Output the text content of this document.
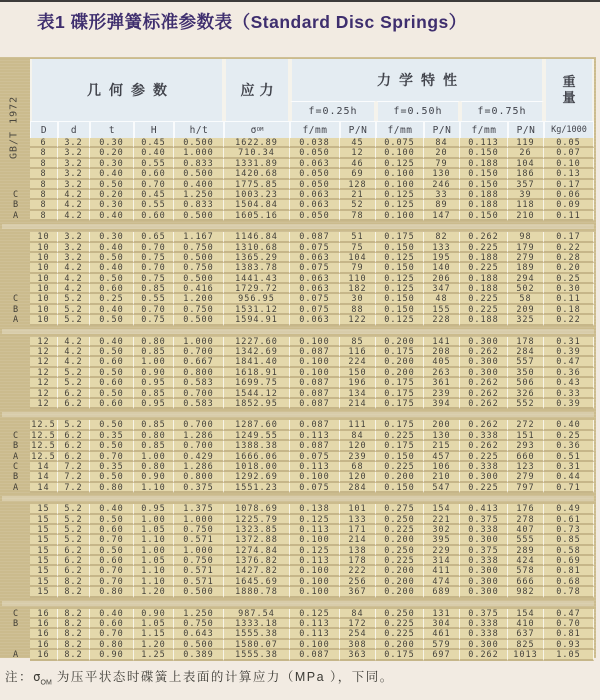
表1 碟形弹簧标准参数表（Standard Disc Springs）
GB/T 1972
几何参数	应力
力学特性	重量
f=0.25h	f=0.50h	f=0.75h
D	d	t	H	h/t	σ OM	f/mm	P/N	f/mm	P/N	f/mm	P/N	Kg/1000
6	3.2	0.30	0.45	0.500	1622.89	0.038	45	0.075	84	0.113	119	0.05
8	3.2	0.20	0.40	1.000	710.34	0.050	12	0.100	20	0.150	26	0.07
8	3.2	0.30	0.55	0.833	1331.89	0.063	46	0.125	79	0.188	104	0.10
8	3.2	0.40	0.60	0.500	1420.68	0.050	69	0.100	130	0.150	186	0.13
8	3.2	0.50	0.70	0.400	1775.85	0.050	128	0.100	246	0.150	357	0.17
C	8	4.2	0.20	0.45	1.250	1003.23	0.063	21	0.125	33	0.188	39	0.06
B	8	4.2	0.30	0.55	0.833	1504.84	0.063	52	0.125	89	0.188	118	0.09
A	8	4.2	0.40	0.60	0.500	1605.16	0.050	78	0.100	147	0.150	210	0.11
10	3.2	0.30	0.65	1.167	1146.84	0.087	51	0.175	82	0.262	98	0.17
10	3.2	0.40	0.70	0.750	1310.68	0.075	75	0.150	133	0.225	179	0.22
10	3.2	0.50	0.75	0.500	1365.29	0.063	104	0.125	195	0.188	279	0.28
10	4.2	0.40	0.70	0.750	1383.78	0.075	79	0.150	140	0.225	189	0.20
10	4.2	0.50	0.75	0.500	1441.43	0.063	110	0.125	206	0.188	294	0.25
10	4.2	0.60	0.85	0.416	1729.72	0.063	182	0.125	347	0.188	502	0.30
C	10	5.2	0.25	0.55	1.200	956.95	0.075	30	0.150	48	0.225	58	0.11
B	10	5.2	0.40	0.70	0.750	1531.12	0.075	88	0.150	155	0.225	209	0.18
A	10	5.2	0.50	0.75	0.500	1594.91	0.063	122	0.125	228	0.188	325	0.22
12	4.2	0.40	0.80	1.000	1227.60	0.100	85	0.200	141	0.300	178	0.31
12	4.2	0.50	0.85	0.700	1342.69	0.087	116	0.175	208	0.262	284	0.39
12	4.2	0.60	1.00	0.667	1841.40	0.100	224	0.200	405	0.300	557	0.47
12	5.2	0.50	0.90	0.800	1618.91	0.100	150	0.200	263	0.300	350	0.36
12	5.2	0.60	0.95	0.583	1699.75	0.087	196	0.175	361	0.262	506	0.43
12	6.2	0.50	0.85	0.700	1544.12	0.087	134	0.175	239	0.262	326	0.33
12	6.2	0.60	0.95	0.583	1852.95	0.087	214	0.175	394	0.262	552	0.39
12.5	5.2	0.50	0.85	0.700	1287.60	0.087	111	0.175	200	0.262	272	0.40
C	12.5	6.2	0.35	0.80	1.286	1249.55	0.113	84	0.225	130	0.338	151	0.25
B	12.5	6.2	0.50	0.85	0.700	1388.38	0.087	120	0.175	215	0.262	293	0.36
A	12.5	6.2	0.70	1.00	0.429	1666.06	0.075	239	0.150	457	0.225	660	0.51
C	14	7.2	0.35	0.80	1.286	1018.00	0.113	68	0.225	106	0.338	123	0.31
B	14	7.2	0.50	0.90	0.800	1292.69	0.100	120	0.200	210	0.300	279	0.44
A	14	7.2	0.80	1.10	0.375	1551.23	0.075	284	0.150	547	0.225	797	0.71
15	5.2	0.40	0.95	1.375	1078.69	0.138	101	0.275	154	0.413	176	0.49
15	5.2	0.50	1.00	1.000	1225.79	0.125	133	0.250	221	0.375	278	0.61
15	5.2	0.60	1.05	0.750	1323.85	0.113	171	0.225	302	0.338	407	0.73
15	5.2	0.70	1.10	0.571	1372.88	0.100	214	0.200	395	0.300	555	0.85
15	6.2	0.50	1.00	1.000	1274.84	0.125	138	0.250	229	0.375	289	0.58
15	6.2	0.60	1.05	0.750	1376.82	0.113	178	0.225	314	0.338	424	0.69
15	6.2	0.70	1.10	0.571	1427.82	0.100	222	0.200	411	0.300	578	0.81
15	8.2	0.70	1.10	0.571	1645.69	0.100	256	0.200	474	0.300	666	0.68
15	8.2	0.80	1.20	0.500	1880.78	0.100	367	0.200	689	0.300	982	0.78
C	16	8.2	0.40	0.90	1.250	987.54	0.125	84	0.250	131	0.375	154	0.47
B	16	8.2	0.60	1.05	0.750	1333.18	0.113	172	0.225	304	0.338	410	0.70
16	8.2	0.70	1.15	0.643	1555.38	0.113	254	0.225	461	0.338	637	0.81
16	8.2	0.80	1.20	0.500	1580.07	0.100	308	0.200	579	0.300	825	0.93
A	16	8.2	0.90	1.25	0.389	1555.38	0.087	363	0.175	697	0.262	1013	1.05
注：$\sigma_{OM}$ 为压平状态时碟簧上表面的计算应力（MPa ），下同。
